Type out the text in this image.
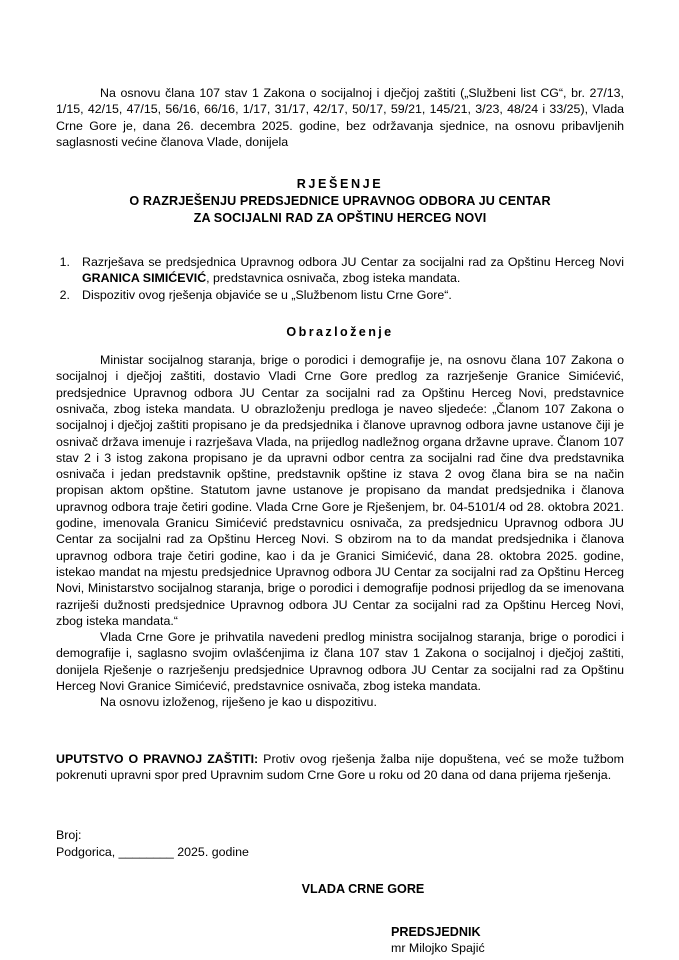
Na osnovu člana 107 stav 1 Zakona o socijalnoj i dječjoj zaštiti („Službeni list CG“, br. 27/13, 1/15, 42/15, 47/15, 56/16, 66/16, 1/17, 31/17, 42/17, 50/17, 59/21, 145/21, 3/23, 48/24 i 33/25), Vlada Crne Gore je, dana 26. decembra 2025. godine, bez održavanja sjednice, na osnovu pribavljenih saglasnosti većine članova Vlade, donijela

RJEŠENJE
O RAZRJEŠENJU PREDSJEDNICE UPRAVNOG ODBORA JU CENTAR
ZA SOCIJALNI RAD ZA OPŠTINU HERCEG NOVI
1. Razrješava se predsjednica Upravnog odbora JU Centar za socijalni rad za Opštinu Herceg Novi GRANICA SIMIĆEVIĆ, predstavnica osnivača, zbog isteka mandata.
2. Dispozitiv ovog rješenja objaviće se u „Službenom listu Crne Gore“.
Obrazloženje

Ministar socijalnog staranja, brige o porodici i demografije je, na osnovu člana 107 Zakona o socijalnoj i dječjoj zaštiti, dostavio Vladi Crne Gore predlog za razrješenje Granice Simićević, predsjednice Upravnog odbora JU Centar za socijalni rad za Opštinu Herceg Novi, predstavnice osnivača, zbog isteka mandata. U obrazloženju predloga je naveo sljedeće: „Članom 107 Zakona o socijalnoj i dječjoj zaštiti propisano je da predsjednika i članove upravnog odbora javne ustanove čiji je osnivač država imenuje i razrješava Vlada, na prijedlog nadležnog organa državne uprave. Članom 107 stav 2 i 3 istog zakona propisano je da upravni odbor centra za socijalni rad čine dva predstavnika osnivača i jedan predstavnik opštine, predstavnik opštine iz stava 2 ovog člana bira se na način propisan aktom opštine. Statutom javne ustanove je propisano da mandat predsjednika i članova upravnog odbora traje četiri godine. Vlada Crne Gore je Rješenjem, br. 04-5101/4 od 28. oktobra 2021. godine, imenovala Granicu Simićević predstavnicu osnivača, za predsjednicu Upravnog odbora JU Centar za socijalni rad za Opštinu Herceg Novi. S obzirom na to da mandat predsjednika i članova upravnog odbora traje četiri godine, kao i da je Granici Simićević, dana 28. oktobra 2025. godine, istekao mandat na mjestu predsjednice Upravnog odbora JU Centar za socijalni rad za Opštinu Herceg Novi, Ministarstvo socijalnog staranja, brige o porodici i demografije podnosi prijedlog da se imenovana razriješi dužnosti predsjednice Upravnog odbora JU Centar za socijalni rad za Opštinu Herceg Novi, zbog isteka mandata.“

Vlada Crne Gore je prihvatila navedeni predlog ministra socijalnog staranja, brige o porodici i demografije i, saglasno svojim ovlašćenjima iz člana 107 stav 1 Zakona o socijalnoj i dječjoj zaštiti, donijela Rješenje o razrješenju predsjednice Upravnog odbora JU Centar za socijalni rad za Opštinu Herceg Novi Granice Simićević, predstavnice osnivača, zbog isteka mandata.

Na osnovu izloženog, riješeno je kao u dispozitivu.

UPUTSTVO O PRAVNOJ ZAŠTITI: Protiv ovog rješenja žalba nije dopuštena, već se može tužbom pokrenuti upravni spor pred Upravnim sudom Crne Gore u roku od 20 dana od dana prijema rješenja.

Broj:
Podgorica, ________ 2025. godine
VLADA CRNE GORE
PREDSJEDNIK
mr Milojko Spajić
